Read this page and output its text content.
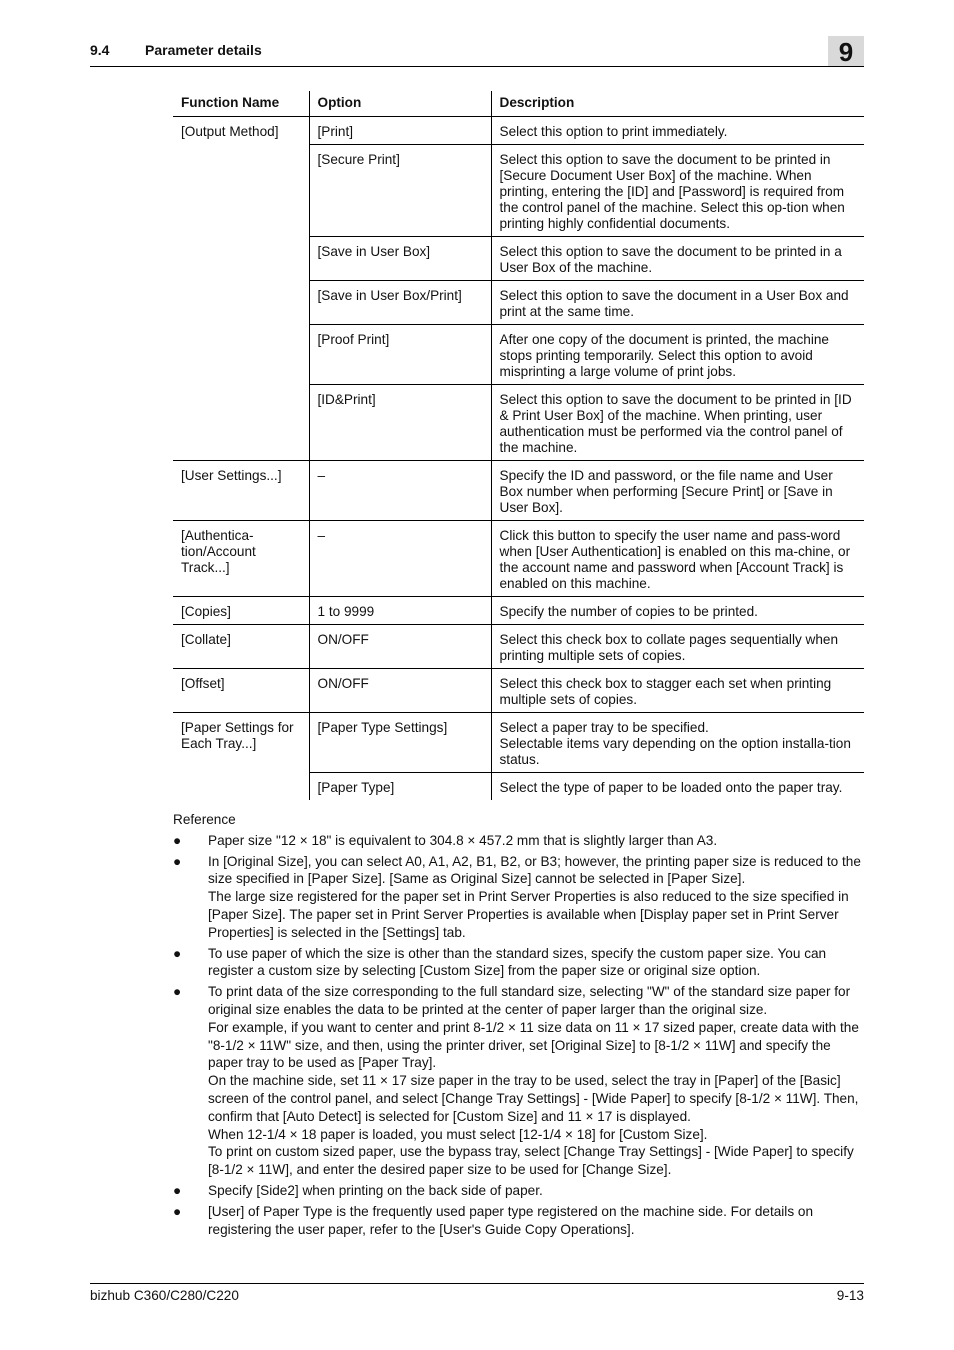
9.4	Parameter details	9
Function Name	Option	Description
[Output Method]	[Print]	Select this option to print immediately.

	[Secure Print]	Select this option to save the document to be printed in [Secure Document User Box] of the machine. When printing, entering the [ID] and [Password] is required from the control panel of the machine. Select this op-tion when printing highly confidential documents.

	[Save in User Box]	Select this option to save the document to be printed in a User Box of the machine.

	[Save in User Box/Print]	Select this option to save the document in a User Box and print at the same time.

	[Proof Print]	After one copy of the document is printed, the machine stops printing temporarily. Select this option to avoid misprinting a large volume of print jobs.

	[ID&Print]	Select this option to save the document to be printed in [ID & Print User Box] of the machine. When printing, user authentication must be performed via the control panel of the machine.

[User Settings...]	–	Specify the ID and password, or the file name and User Box number when performing [Secure Print] or [Save in User Box].

[Authentica-tion/Account Track...]	–	Click this button to specify the user name and pass-word when [User Authentication] is enabled on this ma-chine, or the account name and password when [Account Track] is enabled on this machine.

[Copies]	1 to 9999	Specify the number of copies to be printed.

[Collate]	ON/OFF	Select this check box to collate pages sequentially when printing multiple sets of copies.

[Offset]	ON/OFF	Select this check box to stagger each set when printing multiple sets of copies.

[Paper Settings for Each Tray...]	[Paper Type Settings]	Select a paper tray to be specified.
Selectable items vary depending on the option installa-tion status.

	[Paper Type]	Select the type of paper to be loaded onto the paper tray.
Reference
● Paper size "12 × 18" is equivalent to 304.8 × 457.2 mm that is slightly larger than A3.
● In [Original Size], you can select A0, A1, A2, B1, B2, or B3; however, the printing paper size is reduced to the size specified in [Paper Size]. [Same as Original Size] cannot be selected in [Paper Size].
The large size registered for the paper set in Print Server Properties is also reduced to the size specified in [Paper Size]. The paper set in Print Server Properties is available when [Display paper set in Print Server Properties] is selected in the [Settings] tab.
● To use paper of which the size is other than the standard sizes, specify the custom paper size. You can register a custom size by selecting [Custom Size] from the paper size or original size option.
● To print data of the size corresponding to the full standard size, selecting "W" of the standard size paper for original size enables the data to be printed at the center of paper larger than the original size.
For example, if you want to center and print 8-1/2 × 11 size data on 11 × 17 sized paper, create data with the "8-1/2 × 11W" size, and then, using the printer driver, set [Original Size] to [8-1/2 × 11W] and specify the paper tray to be used as [Paper Tray].
On the machine side, set 11 × 17 size paper in the tray to be used, select the tray in [Paper] of the [Basic] screen of the control panel, and select [Change Tray Settings] - [Wide Paper] to specify [8-1/2 × 11W]. Then, confirm that [Auto Detect] is selected for [Custom Size] and 11 × 17 is displayed.
When 12-1/4 × 18 paper is loaded, you must select [12-1/4 × 18] for [Custom Size].
To print on custom sized paper, use the bypass tray, select [Change Tray Settings] - [Wide Paper] to specify [8-1/2 × 11W], and enter the desired paper size to be used for [Change Size].
● Specify [Side2] when printing on the back side of paper.
● [User] of Paper Type is the frequently used paper type registered on the machine side. For details on registering the user paper, refer to the [User's Guide Copy Operations].
bizhub C360/C280/C220	9-13
